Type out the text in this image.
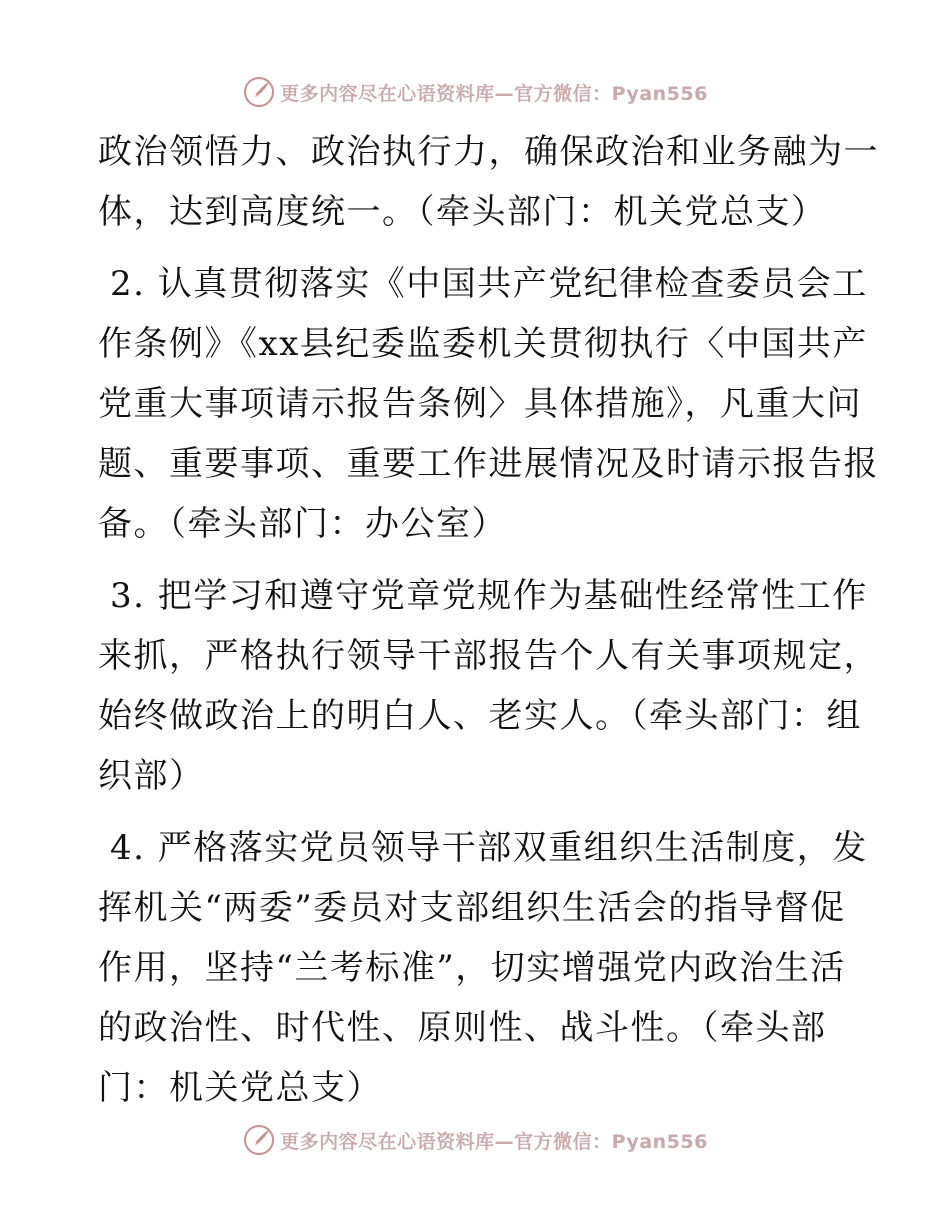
更多内容尽在心语资料库—官方微信：Pyan556
政治领悟力、政治执行力，确保政治和业务融为一
体，达到高度统一。（牵头部门：机关党总支）
2. 认真贯彻落实《中国共产党纪律检查委员会工
作条例》《xx县纪委监委机关贯彻执行〈中国共产
党重大事项请示报告条例〉具体措施》，凡重大问
题、重要事项、重要工作进展情况及时请示报告报
备。（牵头部门：办公室）
3. 把学习和遵守党章党规作为基础性经常性工作
来抓，严格执行领导干部报告个人有关事项规定，
始终做政治上的明白人、老实人。（牵头部门：组
织部）
4. 严格落实党员领导干部双重组织生活制度，发
挥机关“两委”委员对支部组织生活会的指导督促
作用，坚持“兰考标准”，切实增强党内政治生活
的政治性、时代性、原则性、战斗性。（牵头部
门：机关党总支）
更多内容尽在心语资料库—官方微信：Pyan556
